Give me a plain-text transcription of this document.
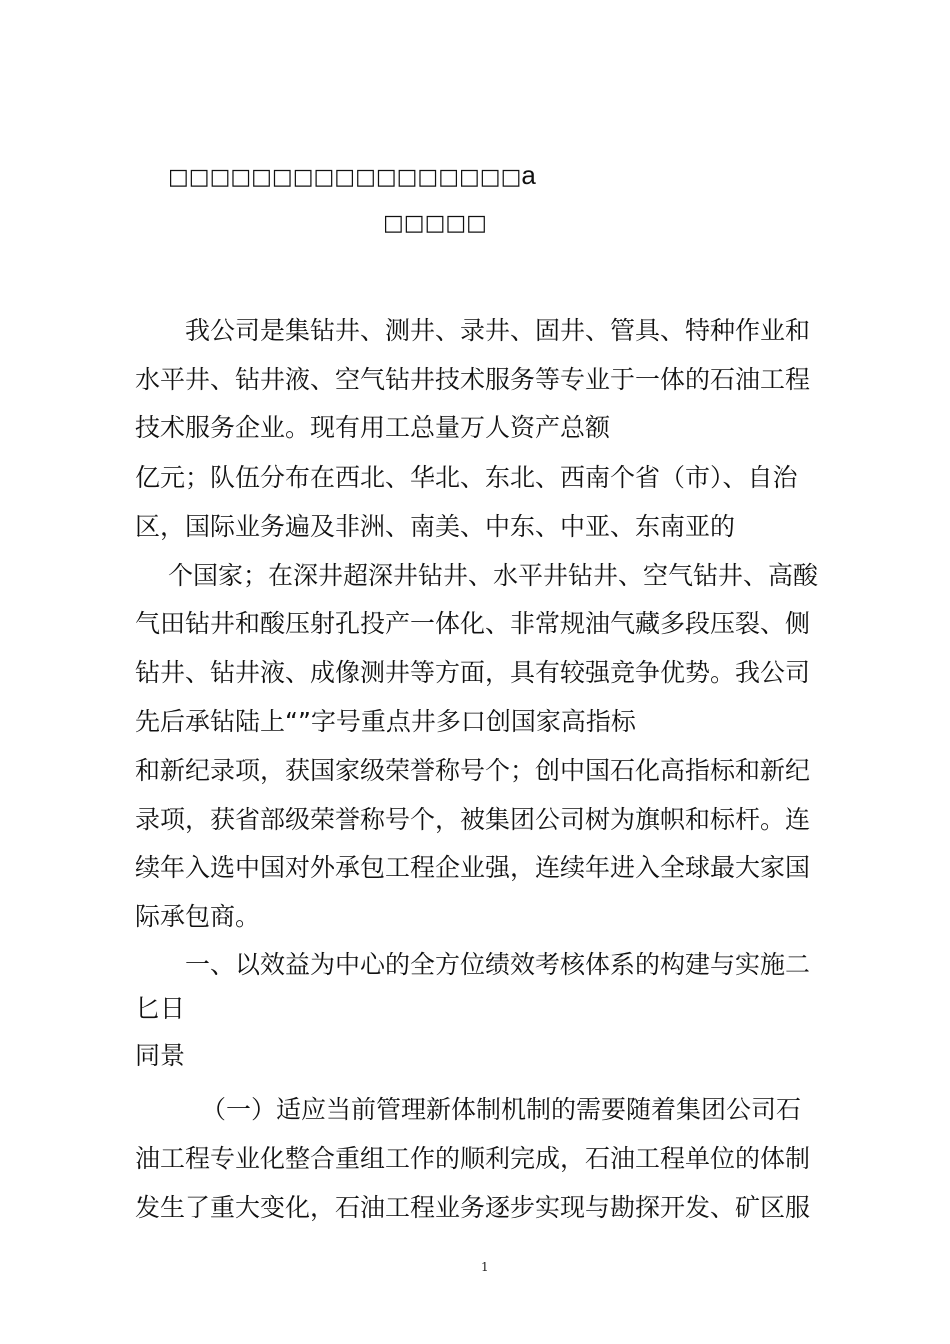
□□□□□□□□□□□□□□□□□a
□□□□□
我公司是集钻井、测井、录井、固井、管具、特种作业和
水平井、钻井液、空气钻井技术服务等专业于一体的石油工程
技术服务企业。现有用工总量万人资产总额
亿元；队伍分布在西北、华北、东北、西南个省（市）、自治
区，国际业务遍及非洲、南美、中东、中亚、东南亚的
个国家；在深井超深井钻井、水平井钻井、空气钻井、高酸
气田钻井和酸压射孔投产一体化、非常规油气藏多段压裂、侧
钻井、钻井液、成像测井等方面，具有较强竞争优势。我公司
先后承钻陆上“”字号重点井多口创国家高指标
和新纪录项，获国家级荣誉称号个；创中国石化高指标和新纪
录项，获省部级荣誉称号个，被集团公司树为旗帜和标杆。连
续年入选中国对外承包工程企业强，连续年进入全球最大家国
际承包商。
一、以效益为中心的全方位绩效考核体系的构建与实施二
匕日
同景
（一）适应当前管理新体制机制的需要随着集团公司石
油工程专业化整合重组工作的顺利完成，石油工程单位的体制
发生了重大变化，石油工程业务逐步实现与勘探开发、矿区服
1
